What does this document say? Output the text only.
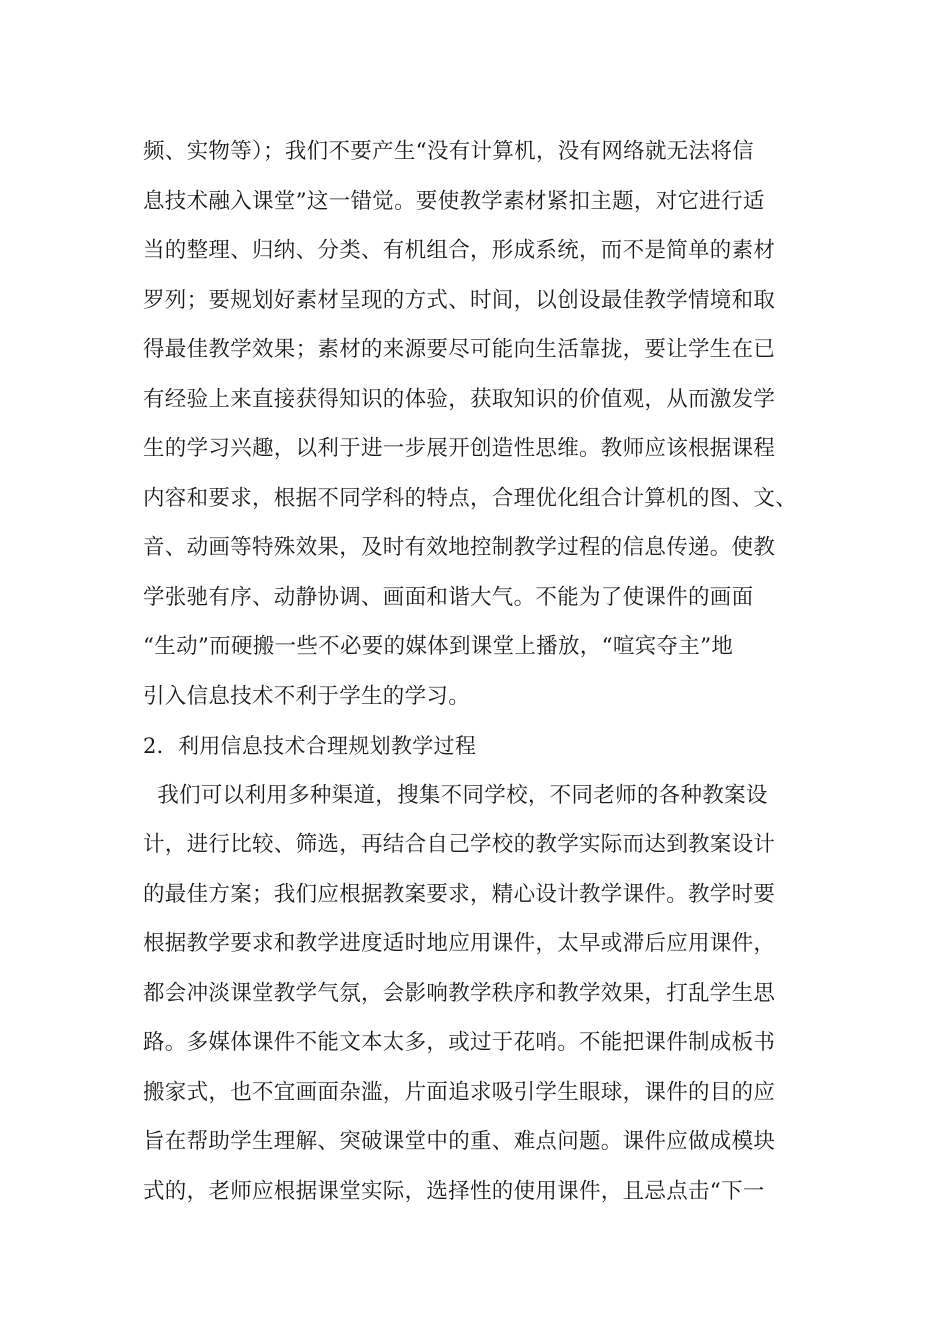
频、实物等）；我们不要产生“没有计算机，没有网络就无法将信
息技术融入课堂”这一错觉。要使教学素材紧扣主题，对它进行适
当的整理、归纳、分类、有机组合，形成系统，而不是简单的素材
罗列；要规划好素材呈现的方式、时间，以创设最佳教学情境和取
得最佳教学效果；素材的来源要尽可能向生活靠拢，要让学生在已
有经验上来直接获得知识的体验，获取知识的价值观，从而激发学
生的学习兴趣，以利于进一步展开创造性思维。教师应该根据课程
内容和要求，根据不同学科的特点，合理优化组合计算机的图、文、
音、动画等特殊效果，及时有效地控制教学过程的信息传递。使教
学张驰有序、动静协调、画面和谐大气。不能为了使课件的画面
“生动”而硬搬一些不必要的媒体到课堂上播放，“喧宾夺主”地
引入信息技术不利于学生的学习。
2．利用信息技术合理规划教学过程
我们可以利用多种渠道，搜集不同学校，不同老师的各种教案设
计，进行比较、筛选，再结合自己学校的教学实际而达到教案设计
的最佳方案；我们应根据教案要求，精心设计教学课件。教学时要
根据教学要求和教学进度适时地应用课件，太早或滞后应用课件，
都会冲淡课堂教学气氛，会影响教学秩序和教学效果，打乱学生思
路。多媒体课件不能文本太多，或过于花哨。不能把课件制成板书
搬家式，也不宜画面杂滥，片面追求吸引学生眼球，课件的目的应
旨在帮助学生理解、突破课堂中的重、难点问题。课件应做成模块
式的，老师应根据课堂实际，选择性的使用课件，且忌点击“下一
